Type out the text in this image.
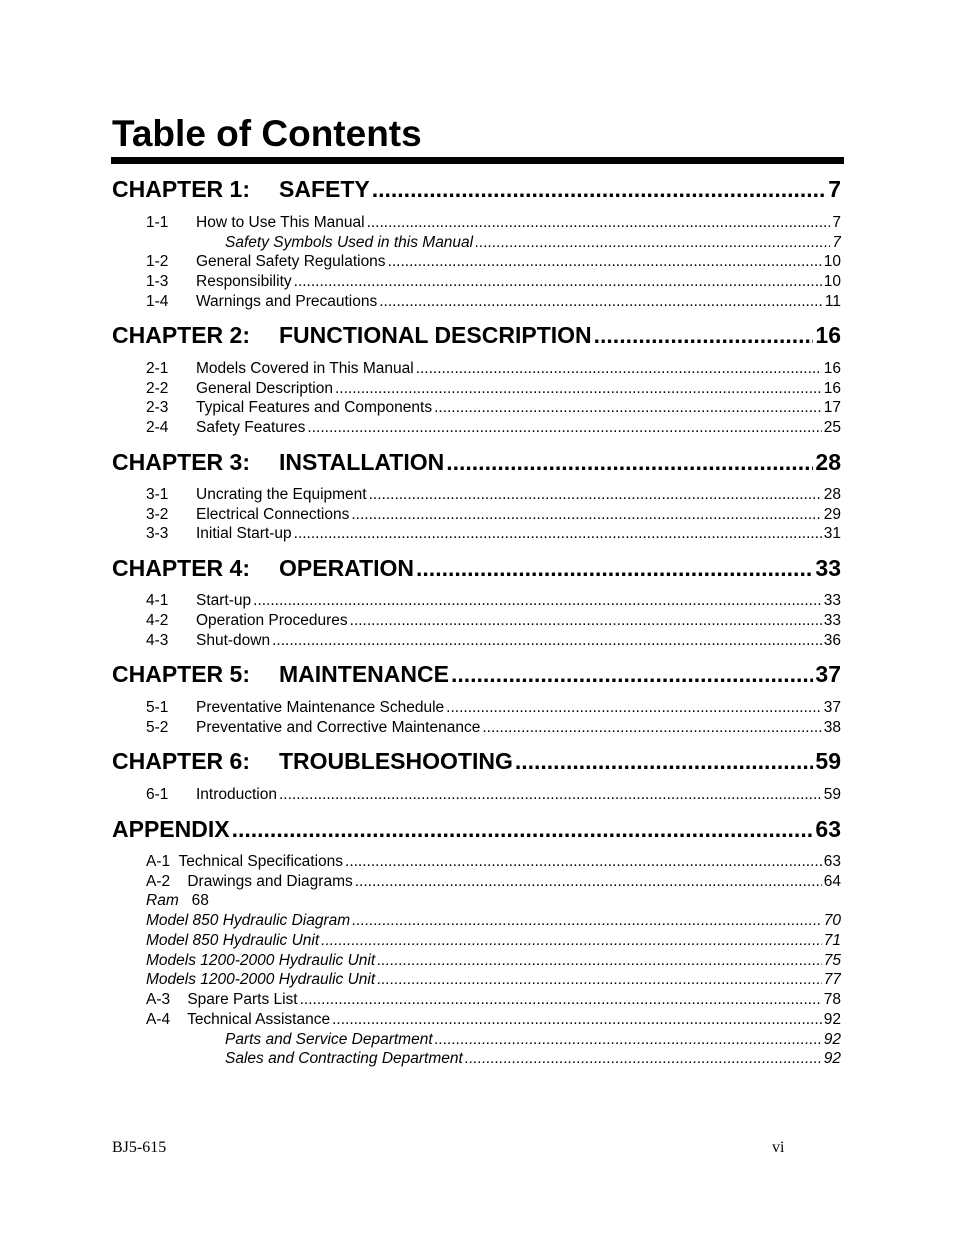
Table of Contents
CHAPTER 1:	SAFETY .....	7
1-1	How to Use This Manual .....	7
Safety Symbols Used in this Manual .....	7
1-2	General Safety Regulations .....	10
1-3	Responsibility .....	10
1-4	Warnings and Precautions .....	11
CHAPTER 2:	FUNCTIONAL DESCRIPTION .....	16
2-1	Models Covered in This Manual .....	16
2-2	General Description .....	16
2-3	Typical Features and Components .....	17
2-4	Safety Features .....	25
CHAPTER 3:	INSTALLATION .....	28
3-1	Uncrating the Equipment .....	28
3-2	Electrical Connections .....	29
3-3	Initial Start-up .....	31
CHAPTER 4:	OPERATION .....	33
4-1	Start-up .....	33
4-2	Operation Procedures .....	33
4-3	Shut-down .....	36
CHAPTER 5:	MAINTENANCE .....	37
5-1	Preventative Maintenance Schedule .....	37
5-2	Preventative and Corrective Maintenance .....	38
CHAPTER 6:	TROUBLESHOOTING .....	59
6-1	Introduction .....	59
APPENDIX .....	63
A-1  Technical Specifications .....	63
A-2    Drawings and Diagrams .....	64
Ram   68
Model 850 Hydraulic Diagram .....	70
Model 850 Hydraulic Unit .....	71
Models 1200-2000 Hydraulic Unit .....	75
Models 1200-2000 Hydraulic Unit .....	77
A-3    Spare Parts List .....	78
A-4    Technical Assistance .....	92
Parts and Service Department .....	92
Sales and Contracting Department .....	92
BJ5-615	vi
